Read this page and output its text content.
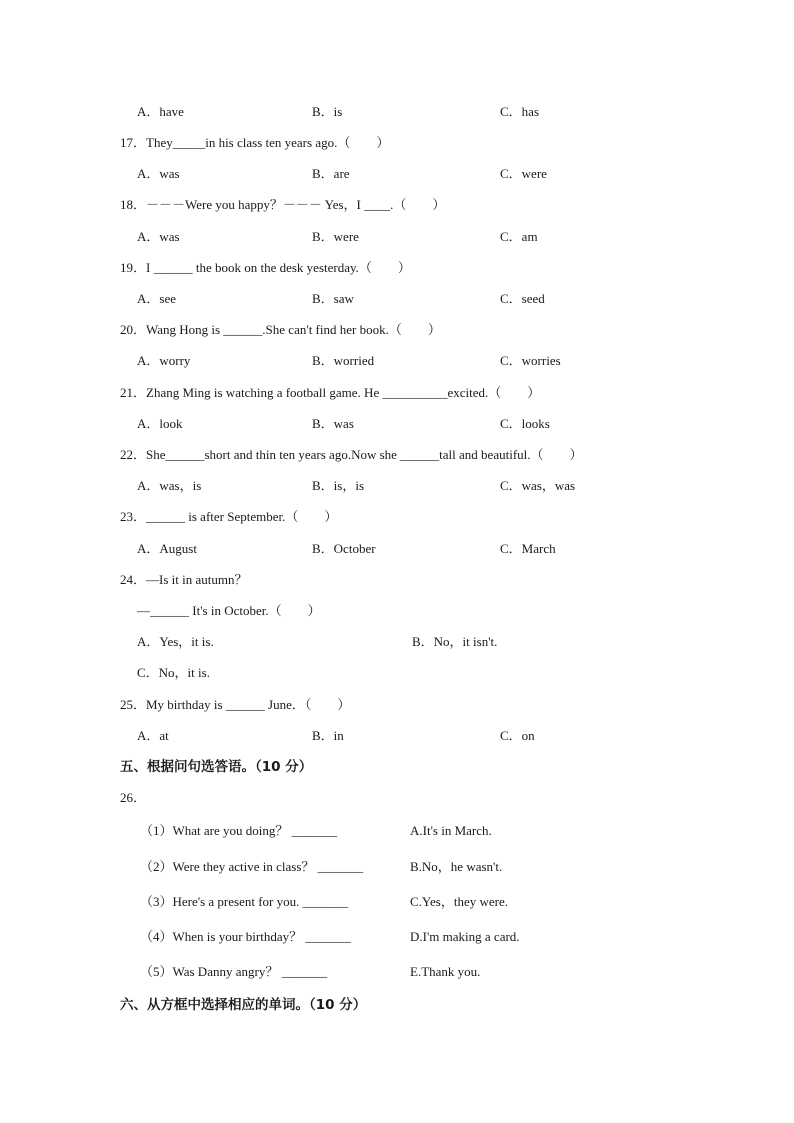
A．have	B．is	C．has
17．They_____in his class ten years ago.（　　）
A．was	B．are	C．were
18．－－－Were you happy？－－－ Yes，I ____.（　　）
A．was	B．were	C．am
19．I ______ the book on the desk yesterday.（　　）
A．see	B．saw	C．seed
20．Wang Hong is ______.She can't find her book.（　　）
A．worry	B．worried	C．worries
21．Zhang Ming is watching a football game. He __________excited.（　　）
A．look	B．was	C．looks
22．She______short and thin ten years ago.Now she ______tall and beautiful.（　　）
A．was，is	B．is，is	C．was，was
23．______ is after September.（　　）
A．August	B．October	C．March
24．—Is it in autumn？
—______ It's in October.（　　）
A．Yes，it is.	B．No，it isn't.
C．No，it is.
25．My birthday is ______ June．（　　）
A．at	B．in	C．on
五、根据问句选答语。（10 分）
26．
（1）What are you doing？ _______	A.It's in March.
（2）Were they active in class？ _______	B.No，he wasn't.
（3）Here's a present for you. _______	C.Yes，they were.
（4）When is your birthday？ _______	D.I'm making a card.
（5）Was Danny angry？ _______	E.Thank you.
六、从方框中选择相应的单词。（10 分）
